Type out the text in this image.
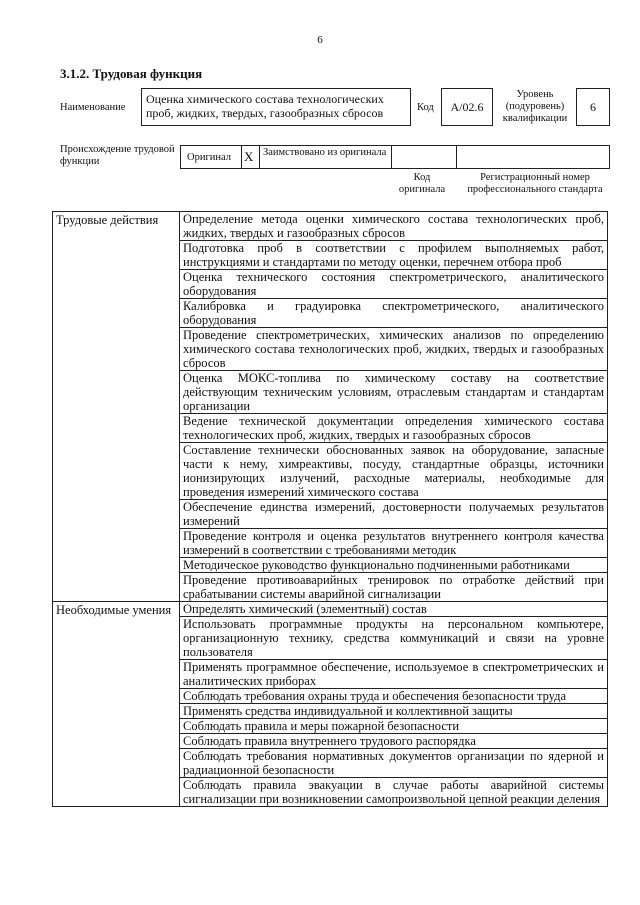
6
3.1.2. Трудовая функция
Наименование
Оценка химического состава технологических проб, жидких, твердых, газообразных сбросов	Код	А/02.6
Уровень (подуровень) квалификации
6
Происхождение трудовой функции	Оригинал X Заимствовано из оригинала
Код оригинала
Регистрационный номер профессионального стандарта
Трудовые действия	Определение метода оценки химического состава технологических проб, жидких, твердых и газообразных сбросов
	Подготовка проб в соответствии с профилем выполняемых работ, инструкциями и стандартами по методу оценки, перечнем отбора проб
	Оценка технического состояния спектрометрического, аналитического оборудования
	Калибровка и градуировка спектрометрического, аналитического оборудования
	Проведение спектрометрических, химических анализов по определению химического состава технологических проб, жидких, твердых и газообразных сбросов
	Оценка МОКС-топлива по химическому составу на соответствие действующим техническим условиям, отраслевым стандартам и стандартам организации
	Ведение технической документации определения химического состава технологических проб, жидких, твердых и газообразных сбросов
	Составление технически обоснованных заявок на оборудование, запасные части к нему, химреактивы, посуду, стандартные образцы, источники ионизирующих излучений, расходные материалы, необходимые для проведения измерений химического состава
	Обеспечение единства измерений, достоверности получаемых результатов измерений
	Проведение контроля и оценка результатов внутреннего контроля качества измерений в соответствии с требованиями методик
	Методическое руководство функционально подчиненными работниками
	Проведение противоаварийных тренировок по отработке действий при срабатывании системы аварийной сигнализации
Необходимые умения	Определять химический (элементный) состав
	Использовать программные продукты на персональном компьютере, организационную технику, средства коммуникаций и связи на уровне пользователя
	Применять программное обеспечение, используемое в спектрометрических и аналитических приборах
	Соблюдать требования охраны труда и обеспечения безопасности труда
	Применять средства индивидуальной и коллективной защиты
	Соблюдать правила и меры пожарной безопасности
	Соблюдать правила внутреннего трудового распорядка
	Соблюдать требования нормативных документов организации по ядерной и радиационной безопасности
	Соблюдать правила эвакуации в случае работы аварийной системы сигнализации при возникновении самопроизвольной цепной реакции деления
